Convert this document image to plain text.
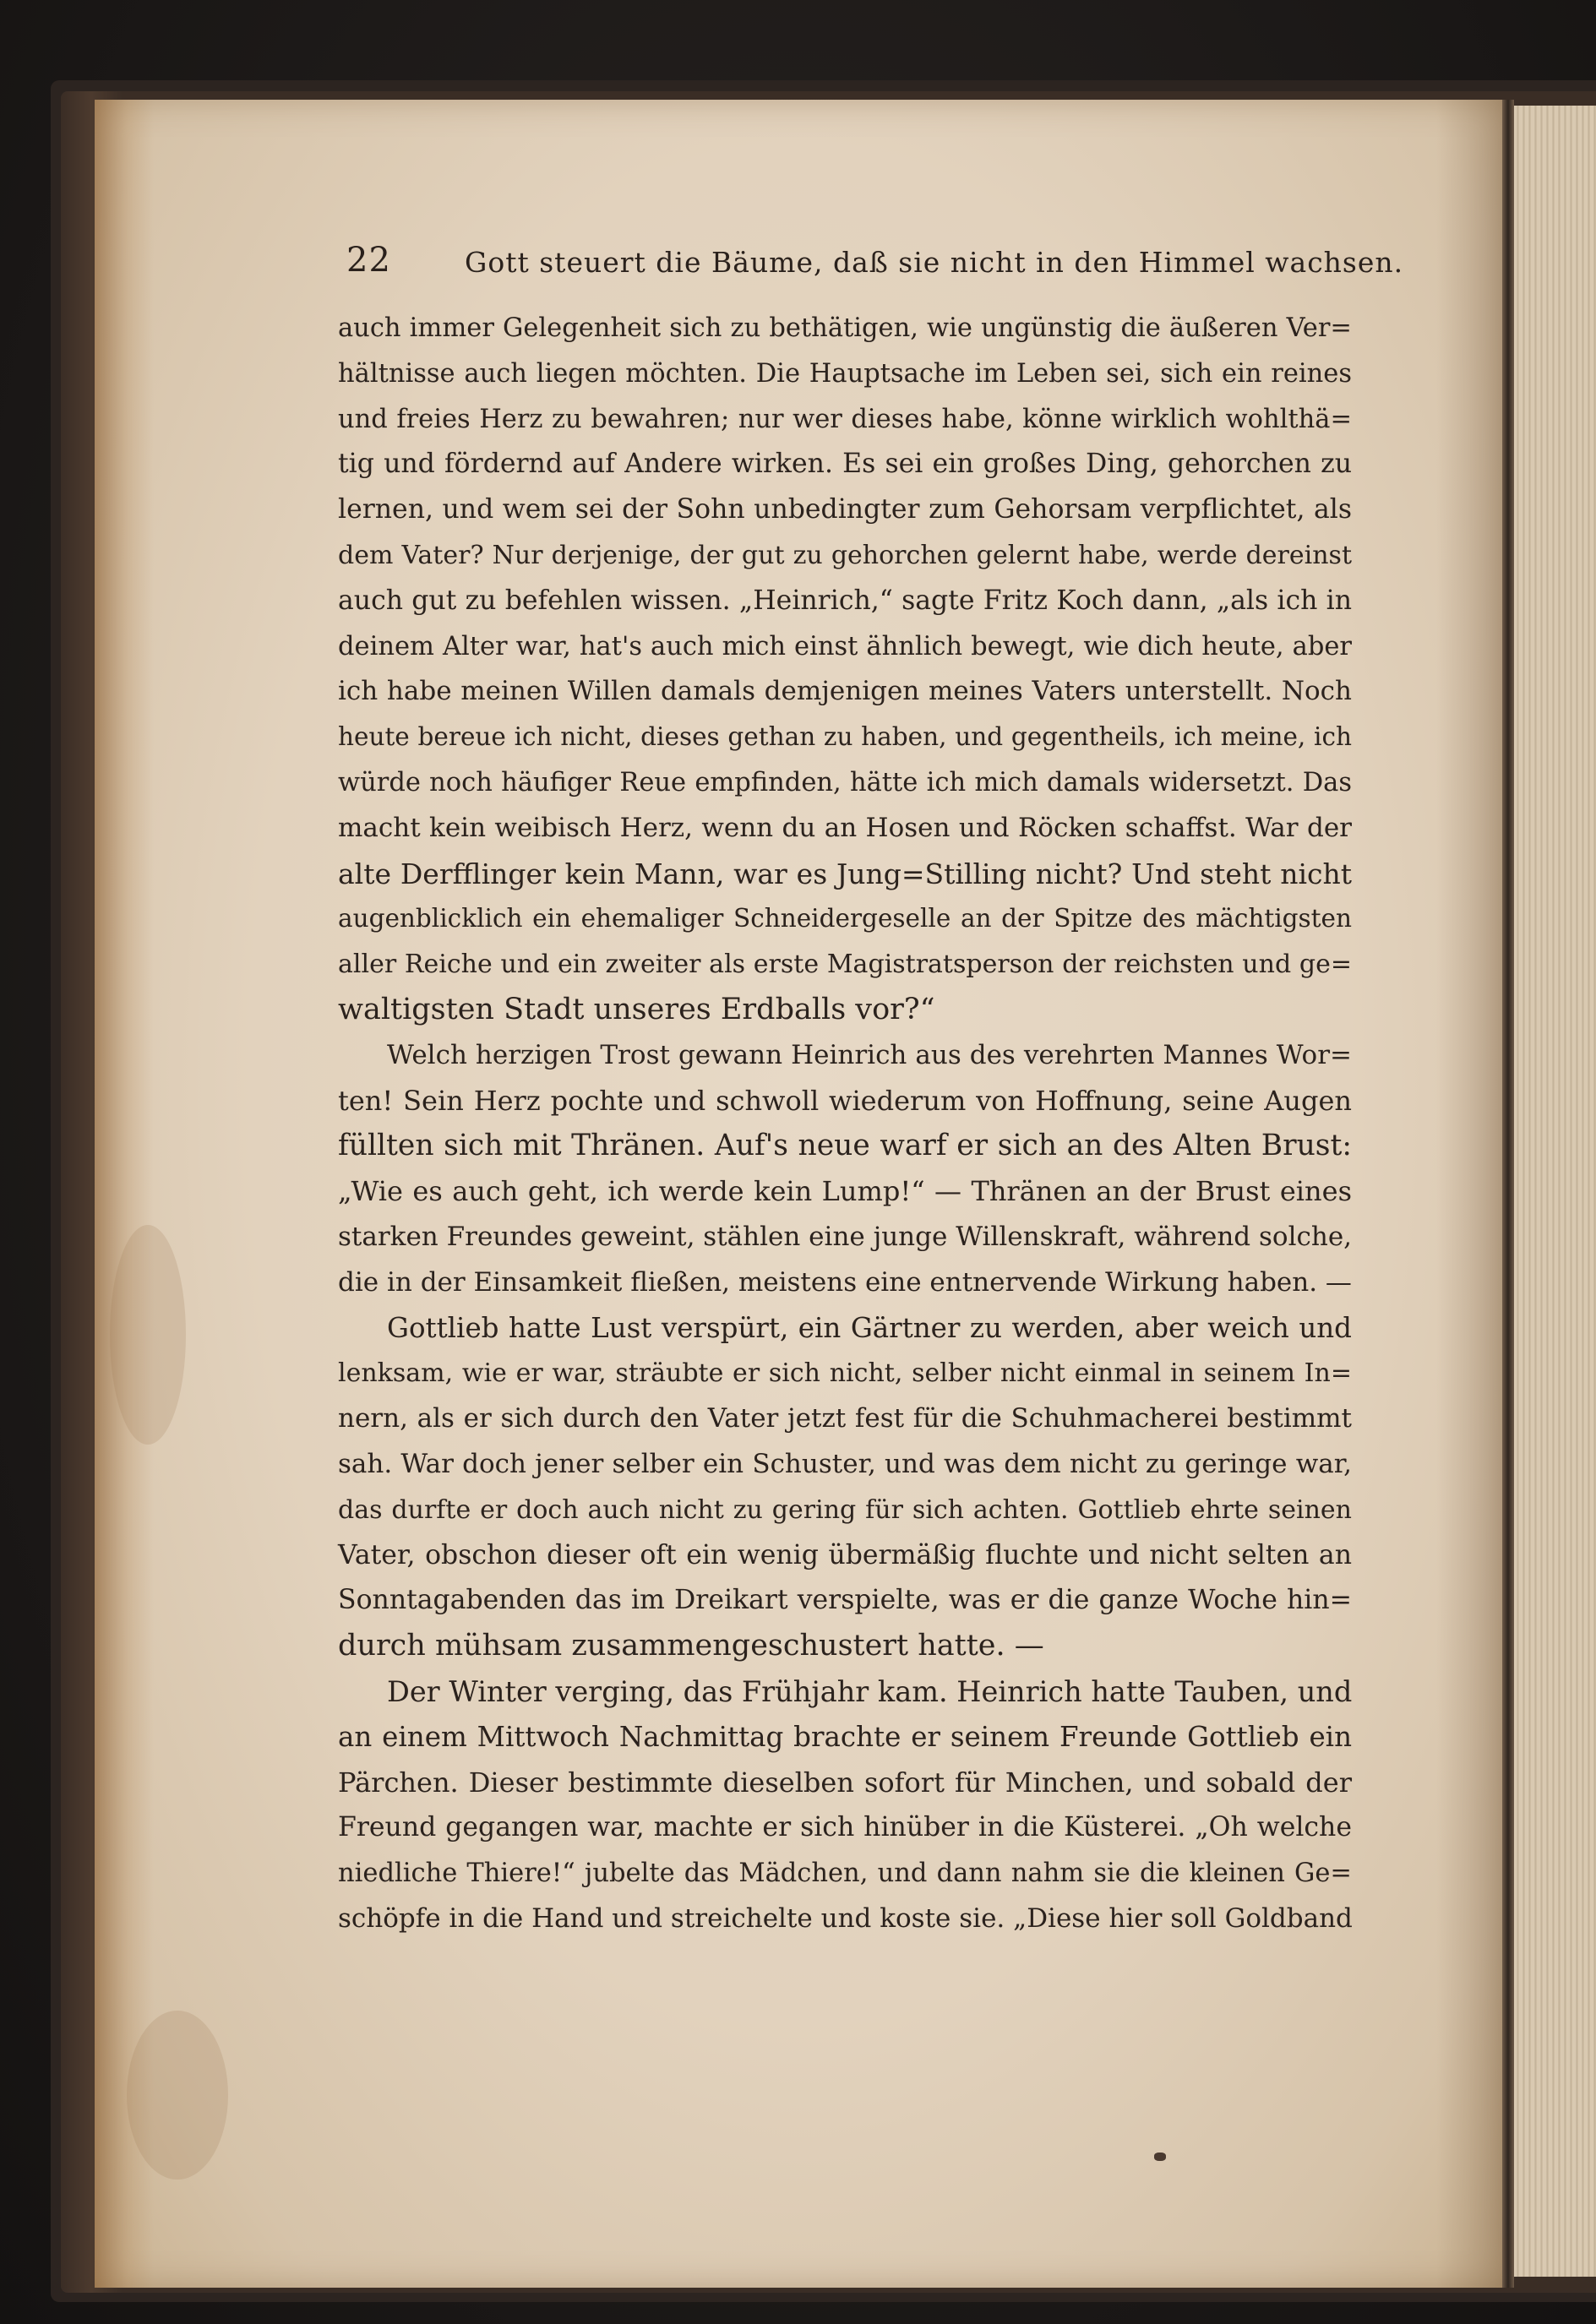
22	Gott steuert die Bäume, daß sie nicht in den Himmel wachsen.
auch immer Gelegenheit sich zu bethätigen, wie ungünstig die äußeren Ver=
hältnisse auch liegen möchten. Die Hauptsache im Leben sei, sich ein reines
und freies Herz zu bewahren; nur wer dieses habe, könne wirklich wohlthä=
tig und fördernd auf Andere wirken. Es sei ein großes Ding, gehorchen zu
lernen, und wem sei der Sohn unbedingter zum Gehorsam verpflichtet, als
dem Vater? Nur derjenige, der gut zu gehorchen gelernt habe, werde dereinst
auch gut zu befehlen wissen. „Heinrich,“ sagte Fritz Koch dann, „als ich in
deinem Alter war, hat's auch mich einst ähnlich bewegt, wie dich heute, aber
ich habe meinen Willen damals demjenigen meines Vaters unterstellt. Noch
heute bereue ich nicht, dieses gethan zu haben, und gegentheils, ich meine, ich
würde noch häufiger Reue empfinden, hätte ich mich damals widersetzt. Das
macht kein weibisch Herz, wenn du an Hosen und Röcken schaffst. War der
alte Derfflinger kein Mann, war es Jung=Stilling nicht? Und steht nicht
augenblicklich ein ehemaliger Schneidergeselle an der Spitze des mächtigsten
aller Reiche und ein zweiter als erste Magistratsperson der reichsten und ge=
waltigsten Stadt unseres Erdballs vor?“
Welch herzigen Trost gewann Heinrich aus des verehrten Mannes Wor=
ten! Sein Herz pochte und schwoll wiederum von Hoffnung, seine Augen
füllten sich mit Thränen. Auf's neue warf er sich an des Alten Brust:
„Wie es auch geht, ich werde kein Lump!“ — Thränen an der Brust eines
starken Freundes geweint, stählen eine junge Willenskraft, während solche,
die in der Einsamkeit fließen, meistens eine entnervende Wirkung haben. —
Gottlieb hatte Lust verspürt, ein Gärtner zu werden, aber weich und
lenksam, wie er war, sträubte er sich nicht, selber nicht einmal in seinem In=
nern, als er sich durch den Vater jetzt fest für die Schuhmacherei bestimmt
sah. War doch jener selber ein Schuster, und was dem nicht zu geringe war,
das durfte er doch auch nicht zu gering für sich achten. Gottlieb ehrte seinen
Vater, obschon dieser oft ein wenig übermäßig fluchte und nicht selten an
Sonntagabenden das im Dreikart verspielte, was er die ganze Woche hin=
durch mühsam zusammengeschustert hatte. —
Der Winter verging, das Frühjahr kam. Heinrich hatte Tauben, und
an einem Mittwoch Nachmittag brachte er seinem Freunde Gottlieb ein
Pärchen. Dieser bestimmte dieselben sofort für Minchen, und sobald der
Freund gegangen war, machte er sich hinüber in die Küsterei. „Oh welche
niedliche Thiere!“ jubelte das Mädchen, und dann nahm sie die kleinen Ge=
schöpfe in die Hand und streichelte und koste sie. „Diese hier soll Goldband
